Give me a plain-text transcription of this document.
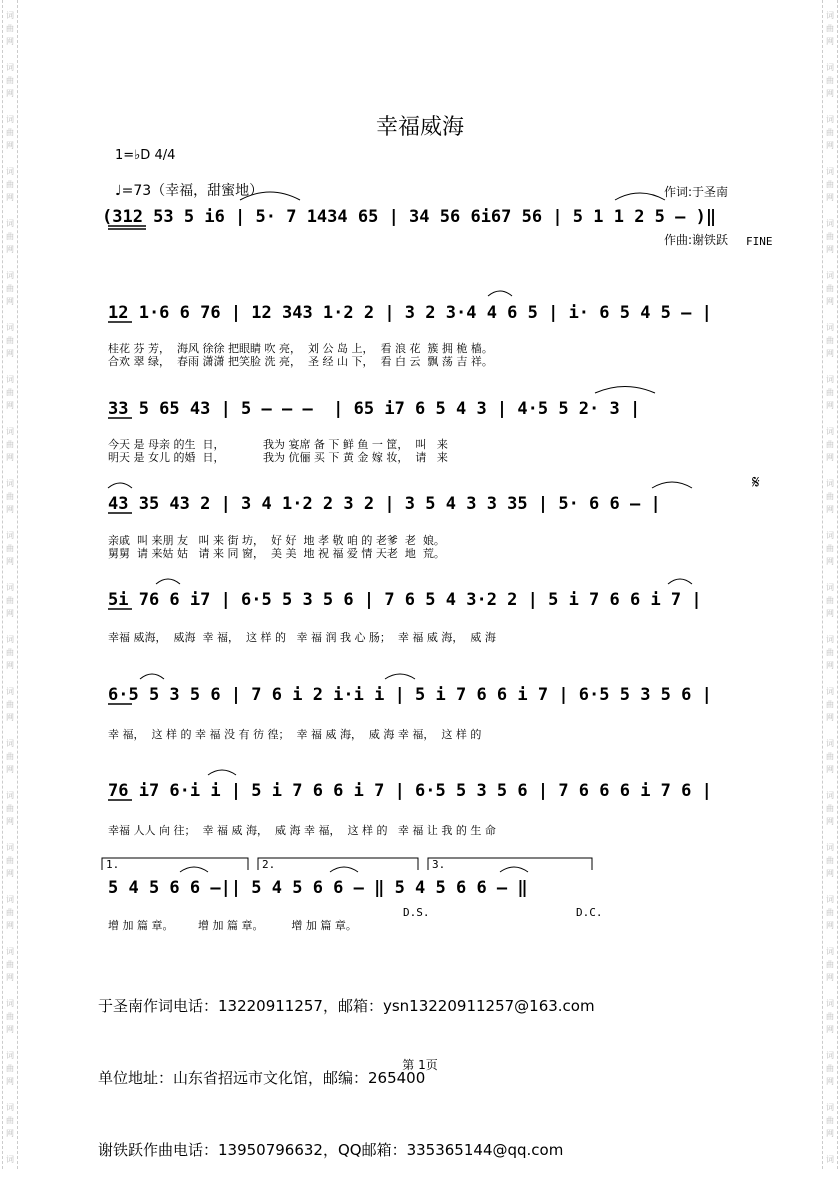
词
曲
网
词
曲
网
词
曲
网
词
曲
网
词
曲
网
词
曲
网
词
曲
网
词
曲
网
词
曲
网
词
曲
网
词
曲
网
词
曲
网
词
曲
网
词
曲
网
词
曲
网
词
曲
网
词
曲
网
词
曲
网
词
曲
网
词
曲
网
词
曲
网
词
曲
网
词
词
曲
网
词
曲
网
词
曲
网
词
曲
网
词
曲
网
词
曲
网
词
曲
网
词
曲
网
词
曲
网
词
曲
网
词
曲
网
词
曲
网
词
曲
网
词
曲
网
词
曲
网
词
曲
网
词
曲
网
词
曲
网
词
曲
网
词
曲
网
词
曲
网
词
曲
网
词
幸福威海
1=♭D 4/4
♩=73（幸福，甜蜜地）

	作词:于圣南

作曲:谢铁跃

(312 53 5 i6 | 5· 7 1434 65 | 34 56 6i67 56 | 5 1 1 2 5 – )‖
FINE
12 1·6 6 76 | 12 343 1·2 2 | 3 2 3·4 4 6 5 | i· 6 5 4 5 – |
桂花 芬 芳，  海风 徐徐 把眼睛 吹 亮，  刘 公 岛 上，  看 浪 花  簇 拥 桅 樯。
合欢 翠 绿，  春雨 潇潇 把笑脸 洗 亮，  圣 经 山 下，  看 白 云  飘 荡 吉 祥。
33 5 65 43 | 5 – – –  | 65 i7 6 5 4 3 | 4·5 5 2· 3 |
今天 是 母亲 的生  日，           我为 宴席 备 下 鲜 鱼 一 筐，  叫   来
明天 是 女儿 的婚  日，           我为 伉俪 买 下 黄 金 嫁 妆，  请   来
43 35 43 2 | 3 4 1·2 2 3 2 | 3 5 4 3 3 35 | 5· 6 6 – |
𝄋
亲戚  叫 来朋 友   叫 来 街 坊，  好 好  地 孝 敬 咱 的 老爹  老  娘。
舅舅  请 来姑 姑   请 来 同 窗，  美 美  地 祝 福 爱 情 天老  地  荒。
5i 76 6 i7 | 6·5 5 3 5 6 | 7 6 5 4 3·2 2 | 5 i 7 6 6 i 7 |
幸福 威海，  威海  幸 福，  这 样 的   幸 福 润 我 心 肠；  幸 福 威 海，  威 海
6·5 5 3 5 6 | 7 6 i 2 i·i i | 5 i 7 6 6 i 7 | 6·5 5 3 5 6 |
幸 福，  这 样 的 幸 福 没 有 彷 徨；  幸 福 威 海，  威 海 幸 福，  这 样 的
76 i7 6·i i | 5 i 7 6 6 i 7 | 6·5 5 3 5 6 | 7 6 6 6 i 7 6 |
幸福 人人 向 往；  幸 福 威 海，  威 海 幸 福，  这 样 的   幸 福 让 我 的 生 命
1.	2.	3.
5 4 5 6 6 –|| 5 4 5 6 6 – ‖ 5 4 5 6 6 – ‖
D.S.	D.C.
增 加 篇 章。       增 加 篇 章。        增 加 篇 章。

于圣南作词电话：13220911257，邮箱：ysn13220911257@163.com

单位地址：山东省招远市文化馆，邮编：265400

谢铁跃作曲电话：13950796632，QQ邮箱：335365144@qq.com

第 1页
